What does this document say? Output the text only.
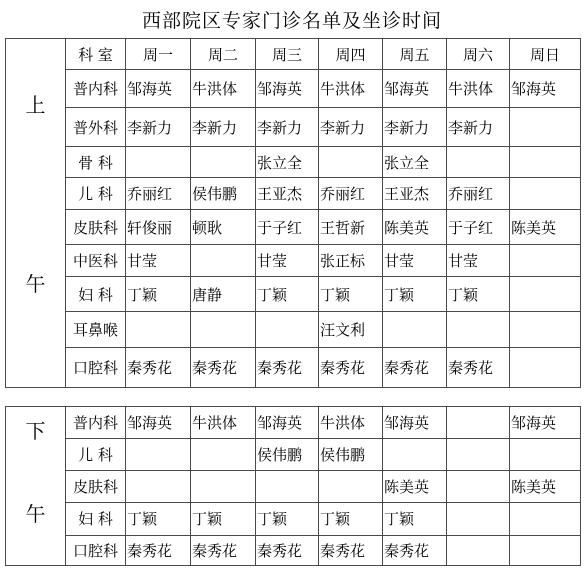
西部院区专家门诊名单及坐诊时间
上
午	科 室	周一	周二	周三	周四	周五	周六	周日
	普内科	邹海英	牛洪体	邹海英	牛洪体	邹海英	牛洪体	邹海英
	普外科	李新力	李新力	李新力	李新力	李新力	李新力	
	骨 科			张立全		张立全		
	儿 科	乔丽红	侯伟鹏	王亚杰	乔丽红	王亚杰	乔丽红	
	皮肤科	轩俊丽	顿耿	于子红	王哲新	陈美英	于子红	陈美英
	中医科	甘莹		甘莹	张正标	甘莹	甘莹	
	妇 科	丁颖	唐静	丁颖	丁颖	丁颖	丁颖	
	耳鼻喉				汪文利			
	口腔科	秦秀花	秦秀花	秦秀花	秦秀花	秦秀花	秦秀花	
下
午	普内科	邹海英	牛洪体	邹海英	牛洪体	邹海英		邹海英
	儿 科			侯伟鹏	侯伟鹏			
	皮肤科					陈美英		陈美英
	妇 科	丁颖	丁颖	丁颖	丁颖	丁颖		
	口腔科	秦秀花	秦秀花	秦秀花	秦秀花	秦秀花		
